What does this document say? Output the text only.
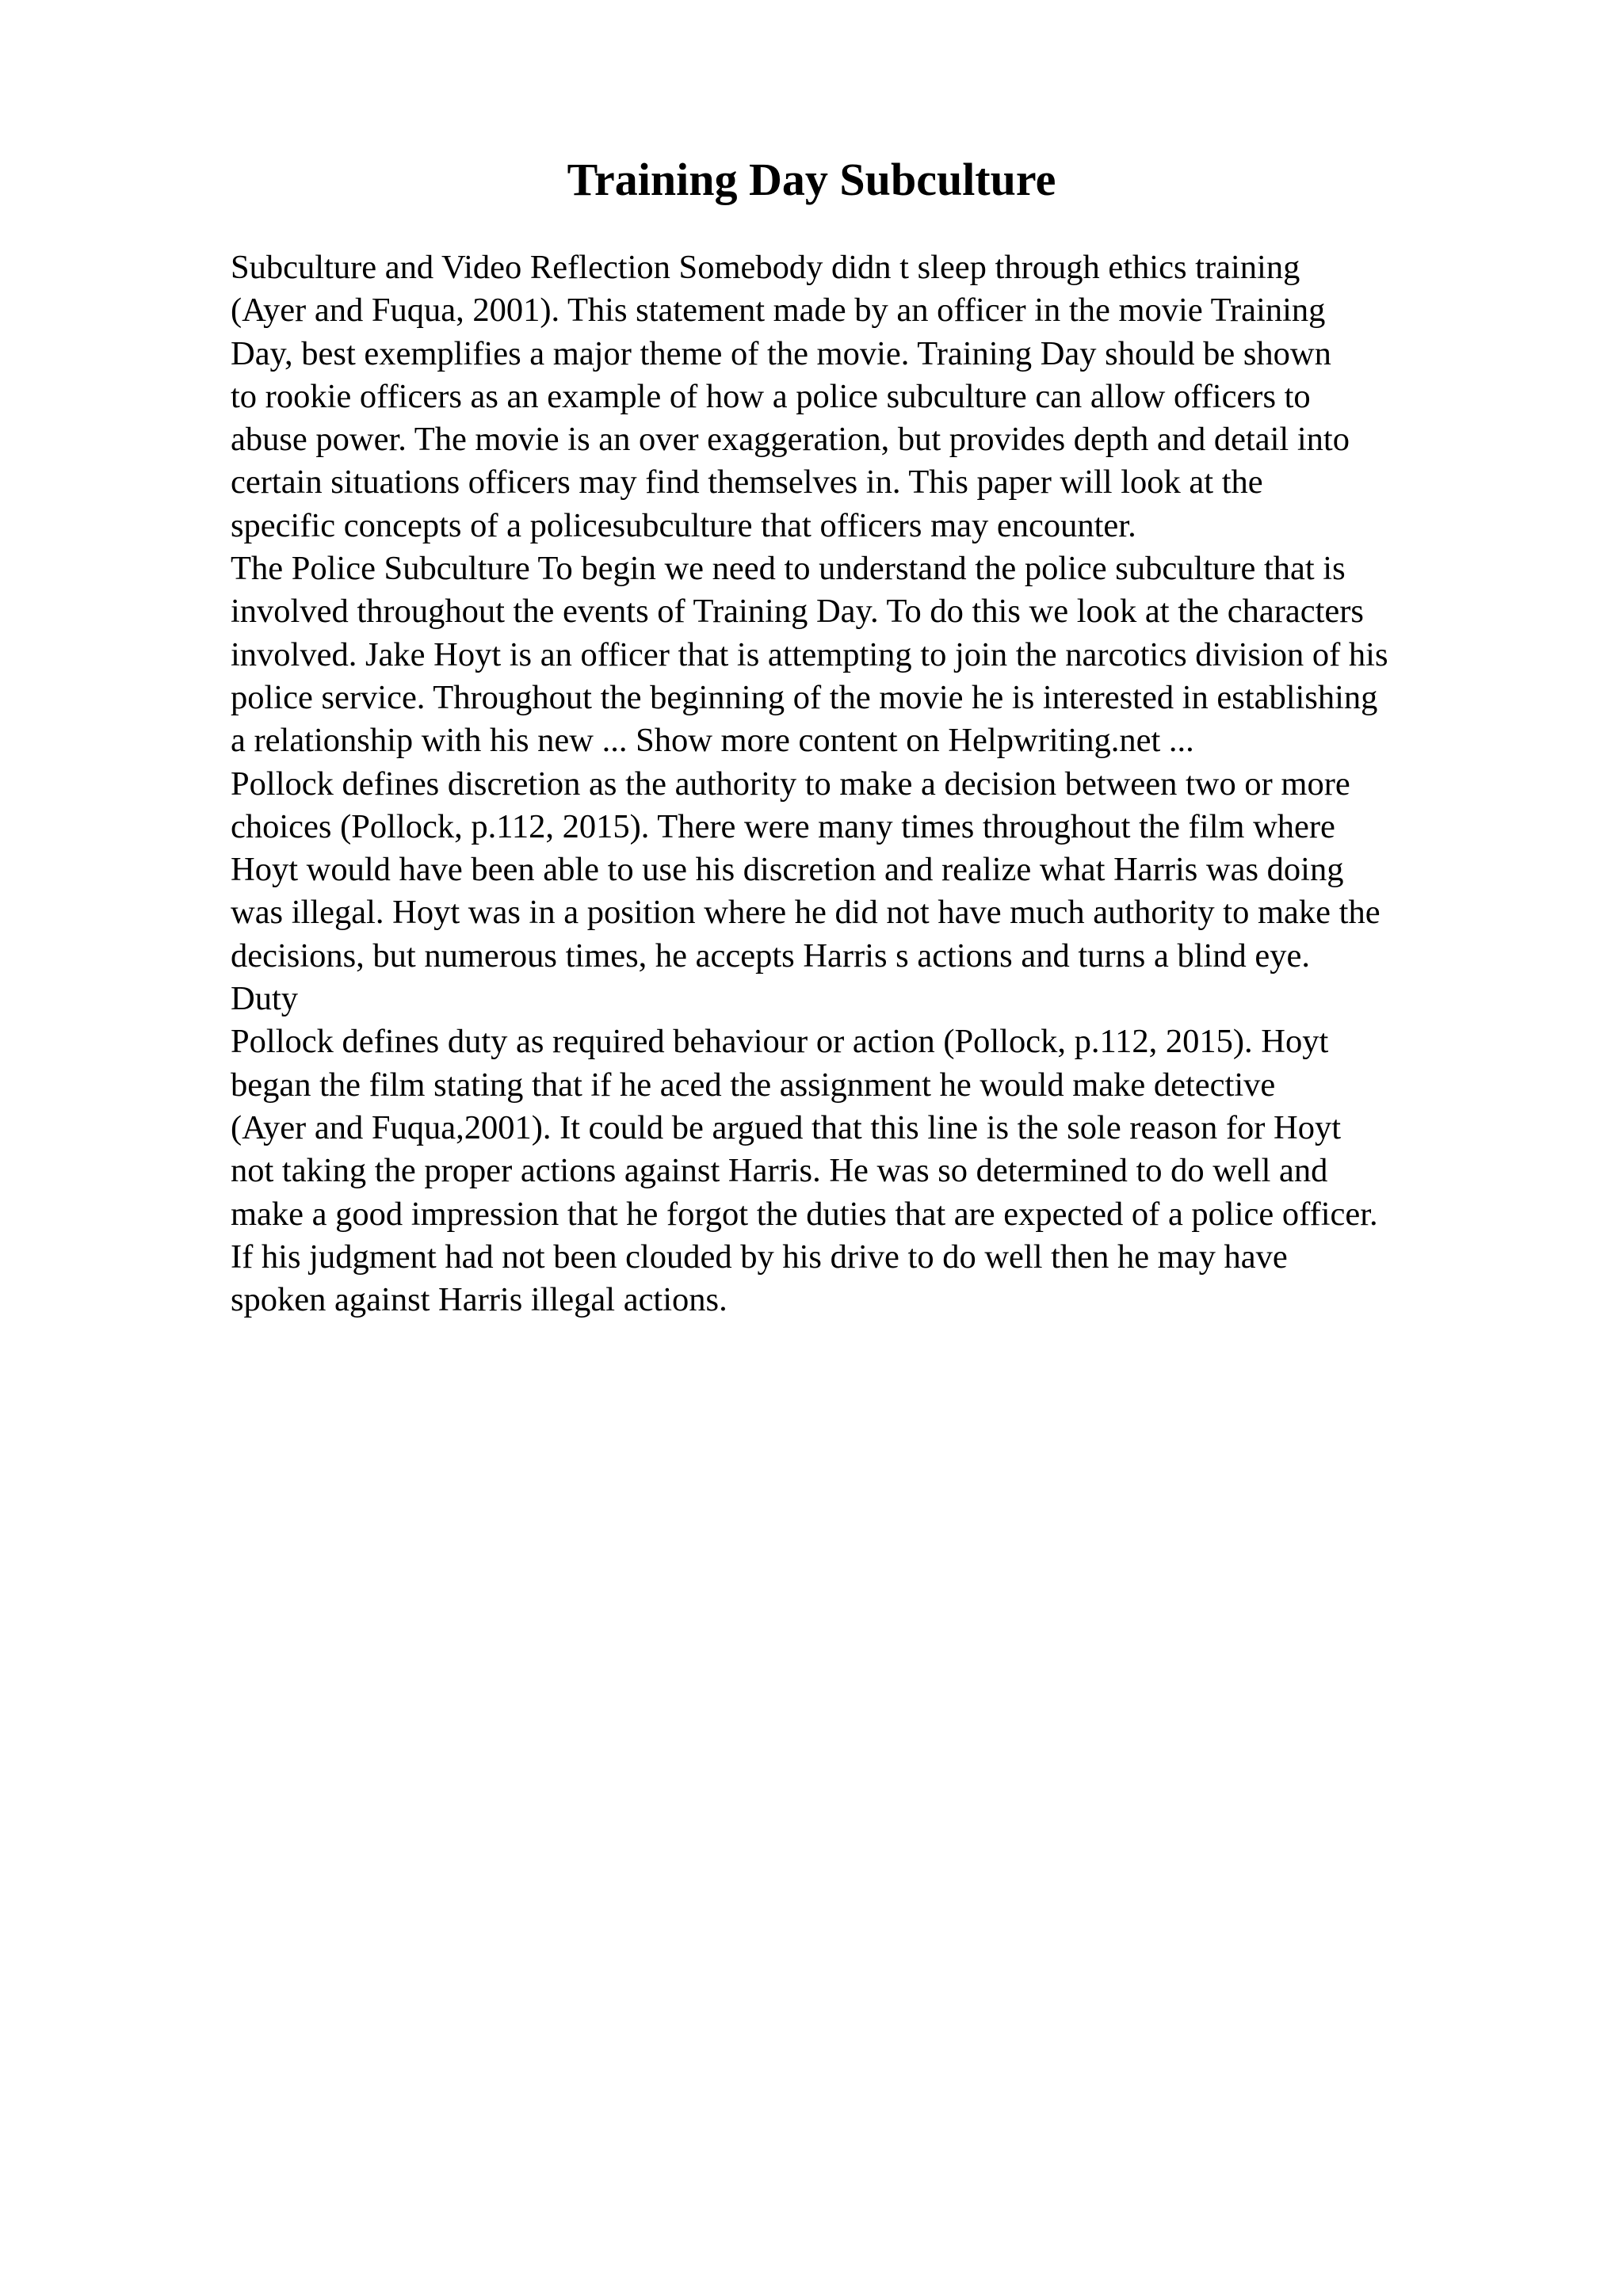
Training Day Subculture
Subculture and Video Reflection Somebody didn t sleep through ethics training
(Ayer and Fuqua, 2001). This statement made by an officer in the movie Training
Day, best exemplifies a major theme of the movie. Training Day should be shown
to rookie officers as an example of how a police subculture can allow officers to
abuse power. The movie is an over exaggeration, but provides depth and detail into
certain situations officers may find themselves in. This paper will look at the
specific concepts of a policesubculture that officers may encounter.
The Police Subculture To begin we need to understand the police subculture that is
involved throughout the events of Training Day. To do this we look at the characters
involved. Jake Hoyt is an officer that is attempting to join the narcotics division of his
police service. Throughout the beginning of the movie he is interested in establishing
a relationship with his new ... Show more content on Helpwriting.net ...
Pollock defines discretion as the authority to make a decision between two or more
choices (Pollock, p.112, 2015). There were many times throughout the film where
Hoyt would have been able to use his discretion and realize what Harris was doing
was illegal. Hoyt was in a position where he did not have much authority to make the
decisions, but numerous times, he accepts Harris s actions and turns a blind eye.
Duty
Pollock defines duty as required behaviour or action (Pollock, p.112, 2015). Hoyt
began the film stating that if he aced the assignment he would make detective
(Ayer and Fuqua,2001). It could be argued that this line is the sole reason for Hoyt
not taking the proper actions against Harris. He was so determined to do well and
make a good impression that he forgot the duties that are expected of a police officer.
If his judgment had not been clouded by his drive to do well then he may have
spoken against Harris illegal actions.
